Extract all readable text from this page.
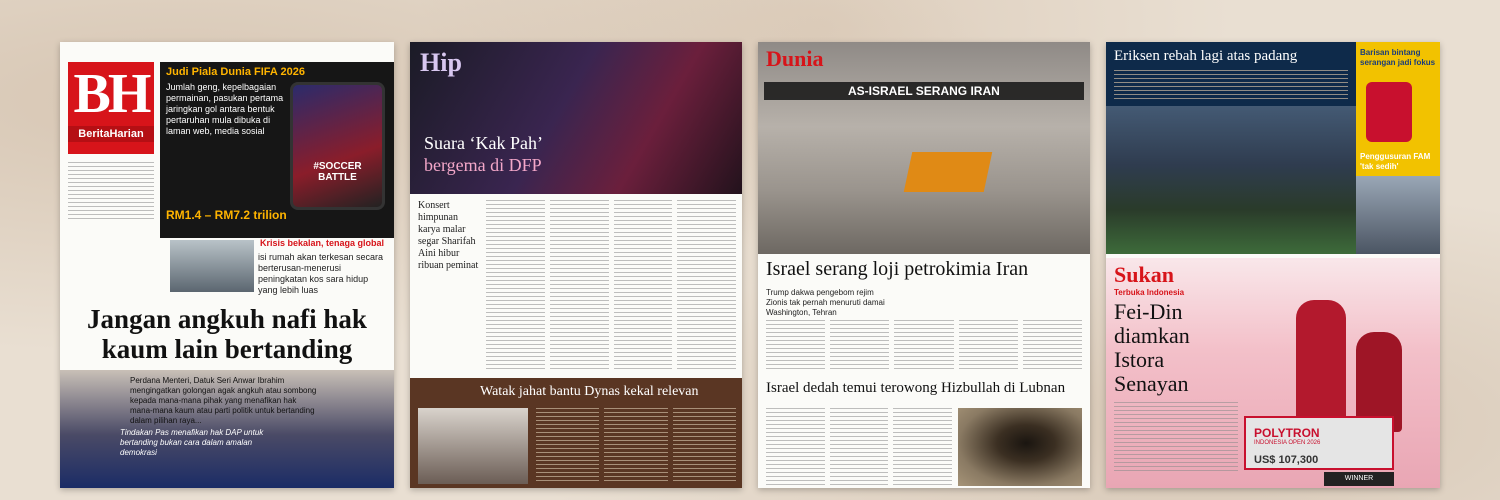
BH
BeritaHarian
Judi Piala Dunia FIFA 2026
Jumlah geng, kepelbagaian permainan, pasukan pertama jaringkan gol antara bentuk pertaruhan mula dibuka di laman web, media sosial
#SOCCER BATTLE
RM1.4 – RM7.2 trilion
Krisis bekalan, tenaga global
isi rumah akan terkesan secara berterusan-menerusi peningkatan kos sara hidup yang lebih luas
Jangan angkuh nafi hak kaum lain bertanding
Perdana Menteri, Datuk Seri Anwar Ibrahim mengingatkan golongan agak angkuh atau sombong kepada mana-mana pihak yang menafikan hak mana-mana kaum atau parti politik untuk bertanding dalam pilihan raya...
Tindakan Pas menafikan hak DAP untuk bertanding bukan cara dalam amalan demokrasi
Hip
Suara ‘Kak Pah’
bergema di DFP
Konsert himpunan karya malar segar Sharifah Aini hibur ribuan peminat
Watak jahat bantu Dynas kekal relevan
Dunia
AS-ISRAEL SERANG IRAN
Israel serang loji petrokimia Iran
Trump dakwa pengebom rejim Zionis tak pernah menuruti damai Washington, Tehran
Israel dedah temui terowong Hizbullah di Lubnan
Eriksen rebah lagi atas padang	Barisan bintang serangan jadi fokus
Penggusuran FAM 'tak sedih'
Sukan
Terbuka Indonesia
Fei-Din diamkan Istora Senayan
POLYTRON
INDONESIA OPEN 2026
US$ 107,300
WINNER
